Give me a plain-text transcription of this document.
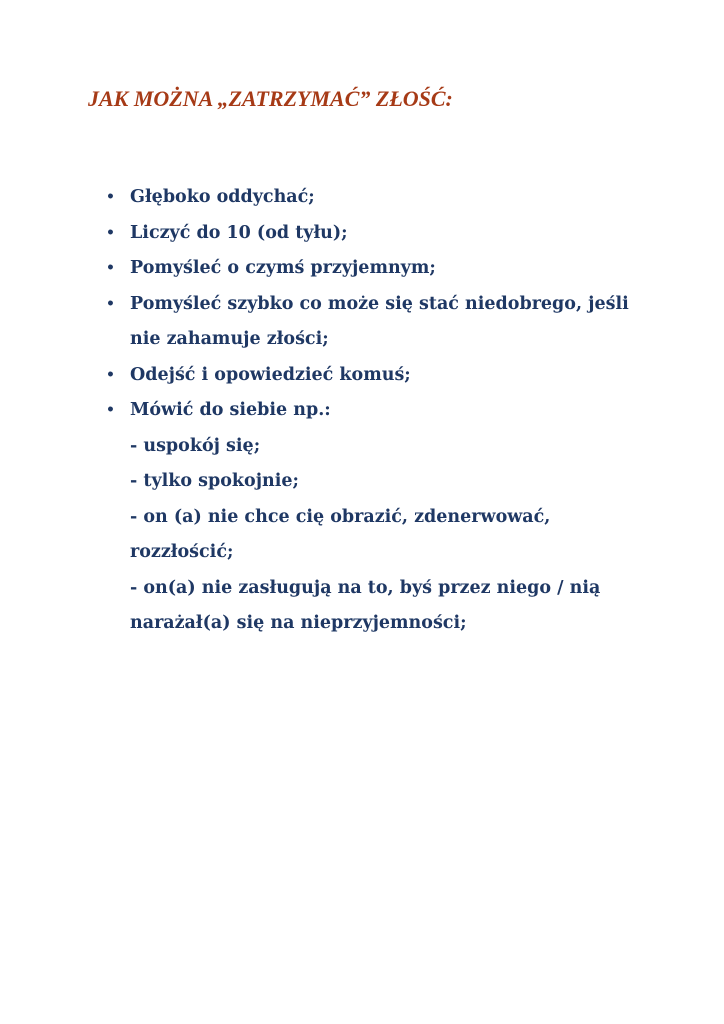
JAK MOŻNA „ZATRZYMAĆ” ZŁOŚĆ:
• Głęboko oddychać;
• Liczyć do 10 (od tyłu);
• Pomyśleć o czymś przyjemnym;
• Pomyśleć szybko co może się stać niedobrego, jeśli
nie zahamuje złości;
• Odejść i opowiedzieć komuś;
• Mówić do siebie np.:
- uspokój się;
- tylko spokojnie;
- on (a) nie chce cię obrazić, zdenerwować,
rozzłościć;
- on(a) nie zasługują na to, byś przez niego / nią
narażał(a) się na nieprzyjemności;
